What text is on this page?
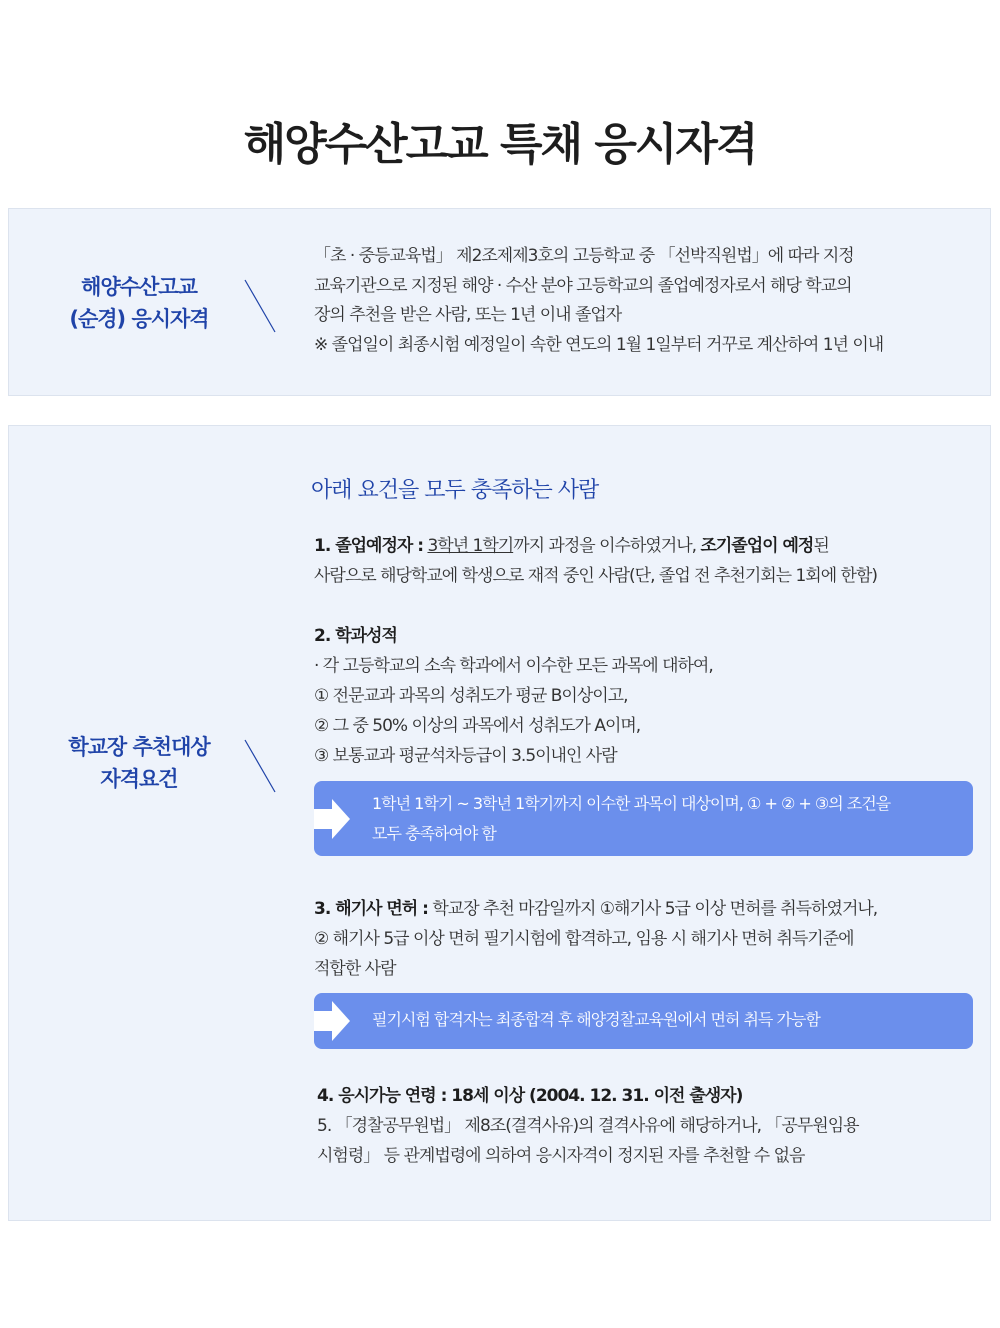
해양수산고교 특채 응시자격
해양수산고교
(순경) 응시자격
「초 · 중등교육법」 제2조제제3호의 고등학교 중 「선박직원법」에 따라 지정
교육기관으로 지정된 해양 · 수산 분야 고등학교의 졸업예정자로서 해당 학교의
장의 추천을 받은 사람, 또는 1년 이내 졸업자
※ 졸업일이 최종시험 예정일이 속한 연도의 1월 1일부터 거꾸로 계산하여 1년 이내
학교장 추천대상
자격요건
아래 요건을 모두 충족하는 사람
1. 졸업예정자 : 3학년 1학기까지 과정을 이수하였거나, 조기졸업이 예정된
사람으로 해당학교에 학생으로 재적 중인 사람(단, 졸업 전 추천기회는 1회에 한함)
2. 학과성적
· 각 고등학교의 소속 학과에서 이수한 모든 과목에 대하여,
① 전문교과 과목의 성취도가 평균 B이상이고,
② 그 중 50% 이상의 과목에서 성취도가 A이며,
③ 보통교과 평균석차등급이 3.5이내인 사람
1학년 1학기 ~ 3학년 1학기까지 이수한 과목이 대상이며, ① + ② + ③의 조건을
모두 충족하여야 함
3. 해기사 면허 : 학교장 추천 마감일까지 ①해기사 5급 이상 면허를 취득하였거나,
② 해기사 5급 이상 면허 필기시험에 합격하고, 임용 시 해기사 면허 취득기준에
적합한 사람
필기시험 합격자는 최종합격 후 해양경찰교육원에서 면허 취득 가능함
4. 응시가능 연령 : 18세 이상 (2004. 12. 31. 이전 출생자)
5. 「경찰공무원법」 제8조(결격사유)의 결격사유에 해당하거나, 「공무원임용
시험령」 등 관계법령에 의하여 응시자격이 정지된 자를 추천할 수 없음
